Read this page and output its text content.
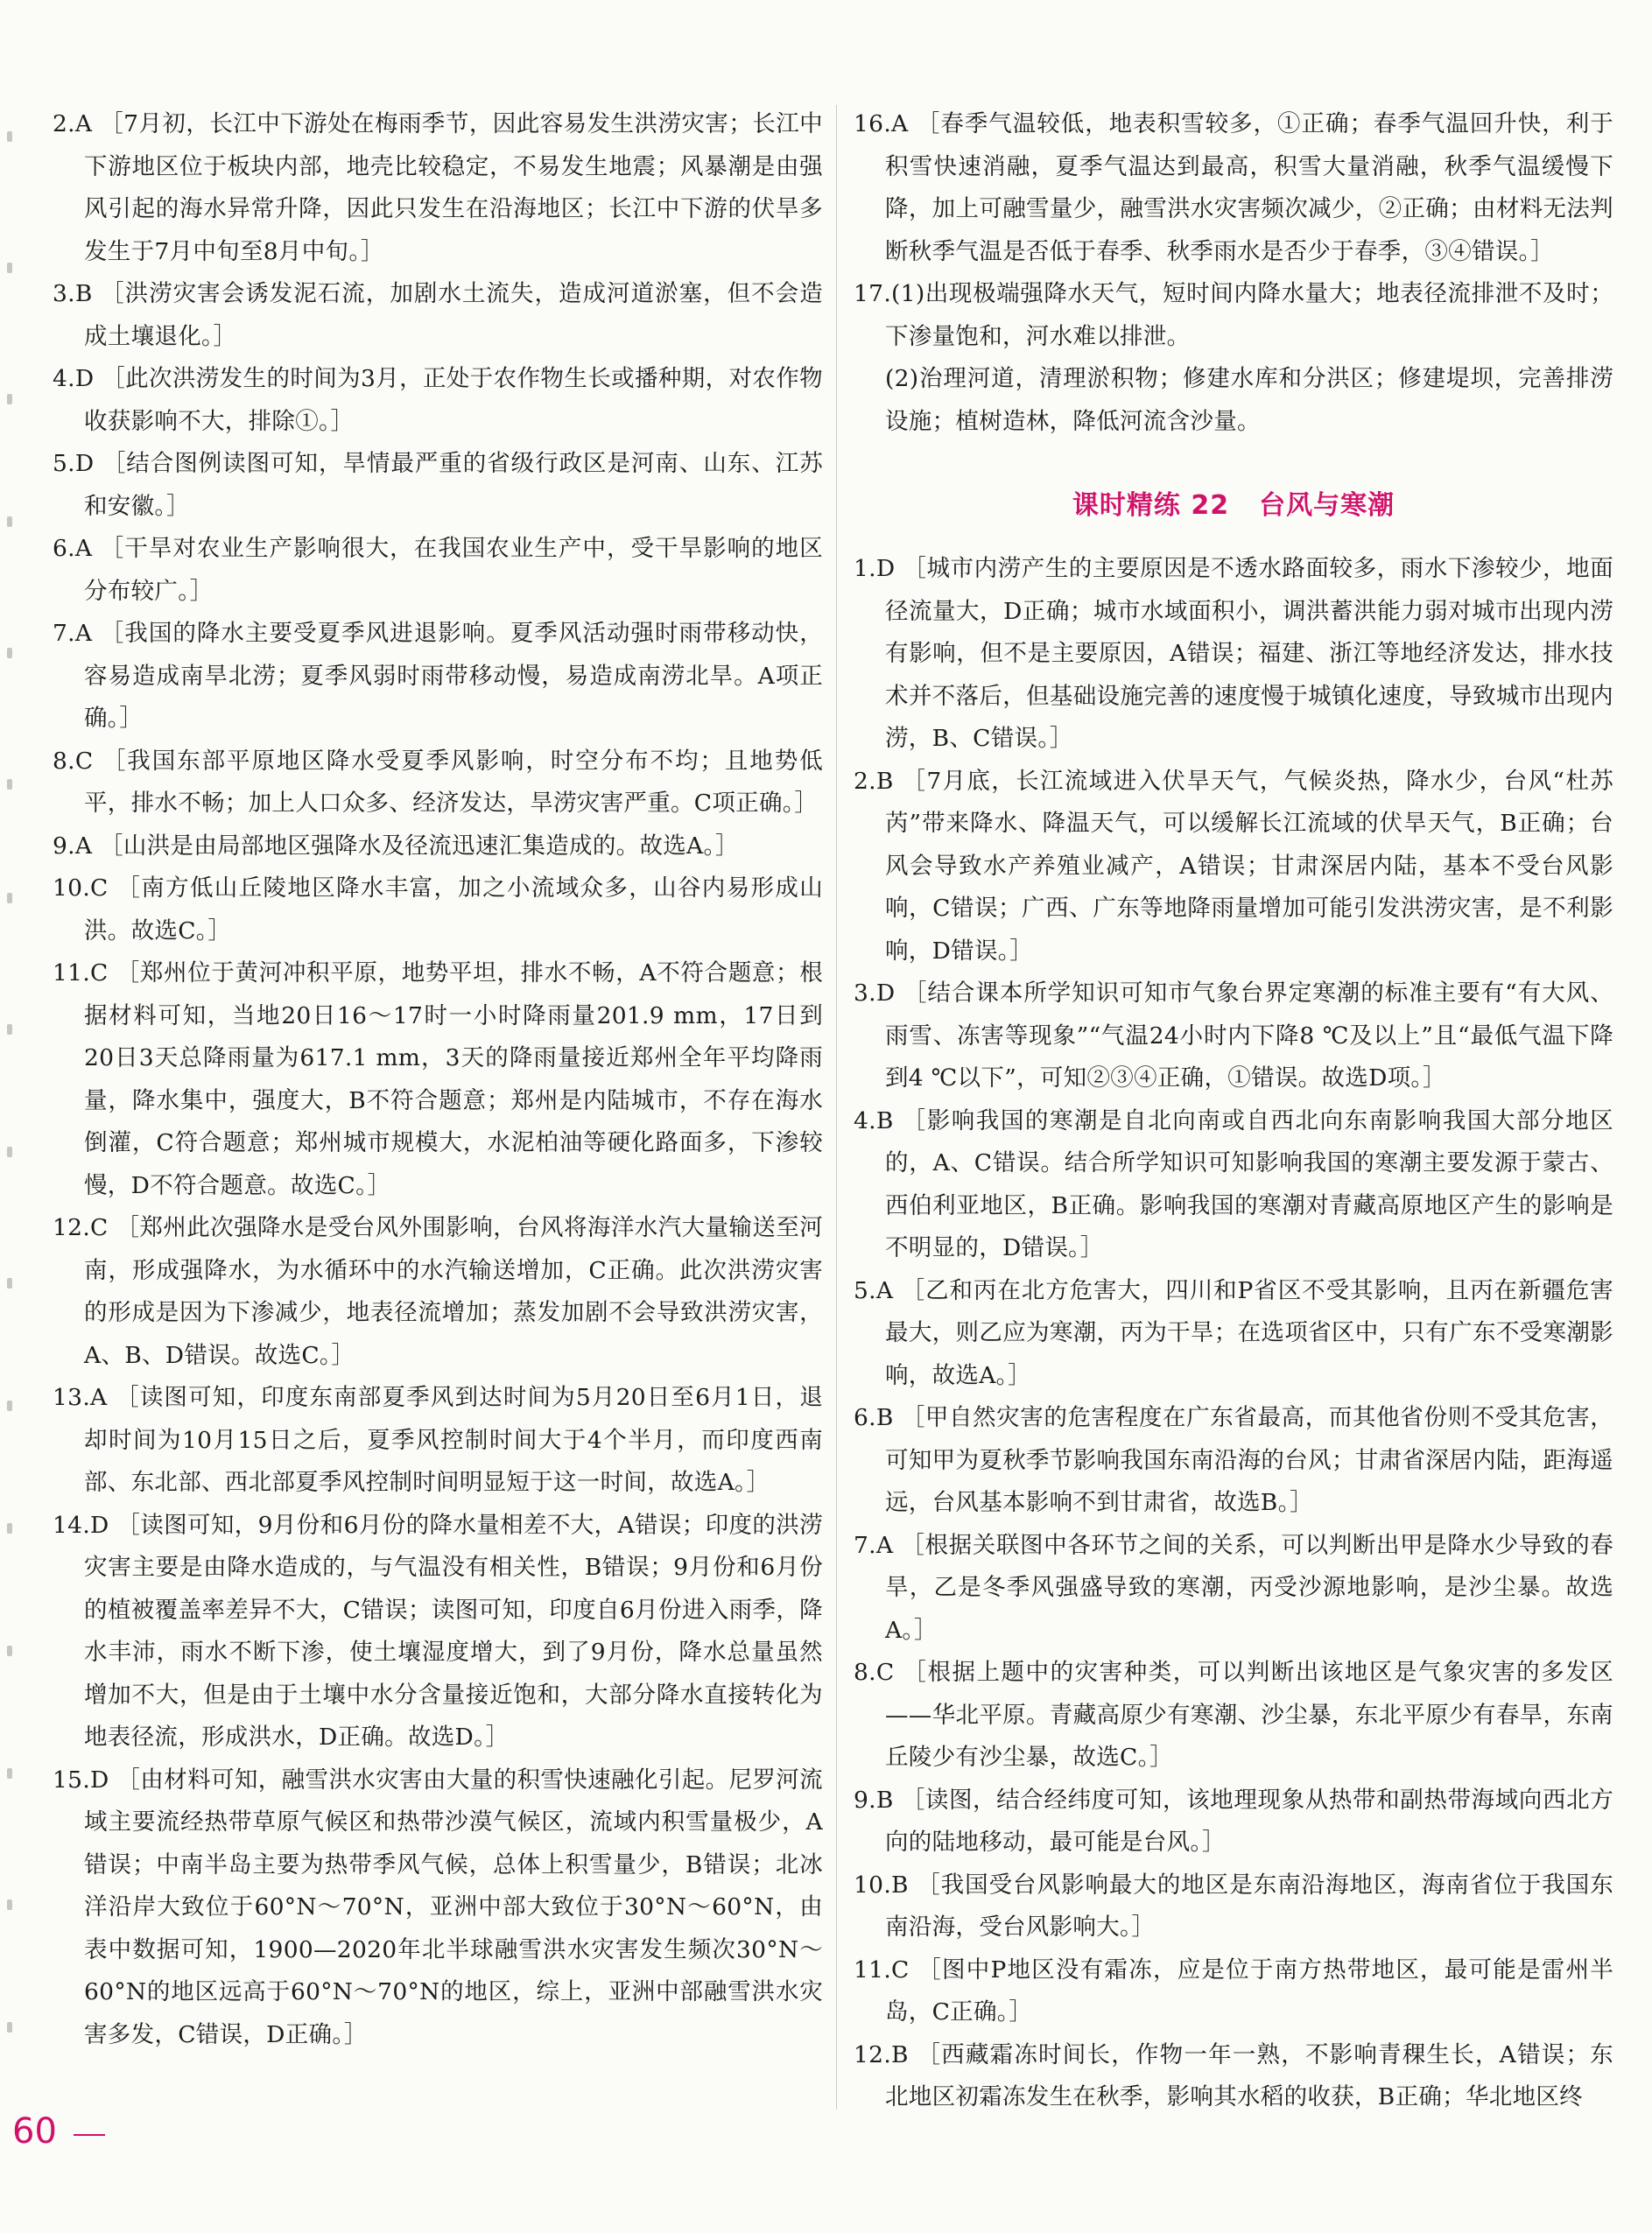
2.A ［7月初，长江中下游处在梅雨季节，因此容易发生洪涝灾害；长江中下游地区位于板块内部，地壳比较稳定，不易发生地震；风暴潮是由强风引起的海水异常升降，因此只发生在沿海地区；长江中下游的伏旱多发生于7月中旬至8月中旬。］

3.B ［洪涝灾害会诱发泥石流，加剧水土流失，造成河道淤塞，但不会造成土壤退化。］

4.D ［此次洪涝发生的时间为3月，正处于农作物生长或播种期，对农作物收获影响不大，排除①。］

5.D ［结合图例读图可知，旱情最严重的省级行政区是河南、山东、江苏和安徽。］

6.A ［干旱对农业生产影响很大，在我国农业生产中，受干旱影响的地区分布较广。］

7.A ［我国的降水主要受夏季风进退影响。夏季风活动强时雨带移动快，容易造成南旱北涝；夏季风弱时雨带移动慢，易造成南涝北旱。A项正确。］

8.C ［我国东部平原地区降水受夏季风影响，时空分布不均；且地势低平，排水不畅；加上人口众多、经济发达，旱涝灾害严重。C项正确。］

9.A ［山洪是由局部地区强降水及径流迅速汇集造成的。故选A。］

10.C ［南方低山丘陵地区降水丰富，加之小流域众多，山谷内易形成山洪。故选C。］

11.C ［郑州位于黄河冲积平原，地势平坦，排水不畅，A不符合题意；根据材料可知，当地20日16～17时一小时降雨量201.9 mm，17日到20日3天总降雨量为617.1 mm，3天的降雨量接近郑州全年平均降雨量，降水集中，强度大，B不符合题意；郑州是内陆城市，不存在海水倒灌，C符合题意；郑州城市规模大，水泥柏油等硬化路面多，下渗较慢，D不符合题意。故选C。］

12.C ［郑州此次强降水是受台风外围影响，台风将海洋水汽大量输送至河南，形成强降水，为水循环中的水汽输送增加，C正确。此次洪涝灾害的形成是因为下渗减少，地表径流增加；蒸发加剧不会导致洪涝灾害，A、B、D错误。故选C。］

13.A ［读图可知，印度东南部夏季风到达时间为5月20日至6月1日，退却时间为10月15日之后，夏季风控制时间大于4个半月，而印度西南部、东北部、西北部夏季风控制时间明显短于这一时间，故选A。］

14.D ［读图可知，9月份和6月份的降水量相差不大，A错误；印度的洪涝灾害主要是由降水造成的，与气温没有相关性，B错误；9月份和6月份的植被覆盖率差异不大，C错误；读图可知，印度自6月份进入雨季，降水丰沛，雨水不断下渗，使土壤湿度增大，到了9月份，降水总量虽然增加不大，但是由于土壤中水分含量接近饱和，大部分降水直接转化为地表径流，形成洪水，D正确。故选D。］

15.D ［由材料可知，融雪洪水灾害由大量的积雪快速融化引起。尼罗河流域主要流经热带草原气候区和热带沙漠气候区，流域内积雪量极少，A错误；中南半岛主要为热带季风气候，总体上积雪量少，B错误；北冰洋沿岸大致位于60°N～70°N，亚洲中部大致位于30°N～60°N，由表中数据可知，1900—2020年北半球融雪洪水灾害发生频次30°N～60°N的地区远高于60°N～70°N的地区，综上，亚洲中部融雪洪水灾害多发，C错误，D正确。］

16.A ［春季气温较低，地表积雪较多，①正确；春季气温回升快，利于积雪快速消融，夏季气温达到最高，积雪大量消融，秋季气温缓慢下降，加上可融雪量少，融雪洪水灾害频次减少，②正确；由材料无法判断秋季气温是否低于春季、秋季雨水是否少于春季，③④错误。］

17.(1)出现极端强降水天气，短时间内降水量大；地表径流排泄不及时；下渗量饱和，河水难以排泄。

(2)治理河道，清理淤积物；修建水库和分洪区；修建堤坝，完善排涝设施；植树造林，降低河流含沙量。

课时精练 22 台风与寒潮

1.D ［城市内涝产生的主要原因是不透水路面较多，雨水下渗较少，地面径流量大，D正确；城市水域面积小，调洪蓄洪能力弱对城市出现内涝有影响，但不是主要原因，A错误；福建、浙江等地经济发达，排水技术并不落后，但基础设施完善的速度慢于城镇化速度，导致城市出现内涝，B、C错误。］

2.B ［7月底，长江流域进入伏旱天气，气候炎热，降水少，台风“杜苏芮”带来降水、降温天气，可以缓解长江流域的伏旱天气，B正确；台风会导致水产养殖业减产，A错误；甘肃深居内陆，基本不受台风影响，C错误；广西、广东等地降雨量增加可能引发洪涝灾害，是不利影响，D错误。］

3.D ［结合课本所学知识可知市气象台界定寒潮的标准主要有“有大风、雨雪、冻害等现象”“气温24小时内下降8 ℃及以上”且“最低气温下降到4 ℃以下”，可知②③④正确，①错误。故选D项。］

4.B ［影响我国的寒潮是自北向南或自西北向东南影响我国大部分地区的，A、C错误。结合所学知识可知影响我国的寒潮主要发源于蒙古、西伯利亚地区，B正确。影响我国的寒潮对青藏高原地区产生的影响是不明显的，D错误。］

5.A ［乙和丙在北方危害大，四川和P省区不受其影响，且丙在新疆危害最大，则乙应为寒潮，丙为干旱；在选项省区中，只有广东不受寒潮影响，故选A。］

6.B ［甲自然灾害的危害程度在广东省最高，而其他省份则不受其危害，可知甲为夏秋季节影响我国东南沿海的台风；甘肃省深居内陆，距海遥远，台风基本影响不到甘肃省，故选B。］

7.A ［根据关联图中各环节之间的关系，可以判断出甲是降水少导致的春旱，乙是冬季风强盛导致的寒潮，丙受沙源地影响，是沙尘暴。故选A。］

8.C ［根据上题中的灾害种类，可以判断出该地区是气象灾害的多发区——华北平原。青藏高原少有寒潮、沙尘暴，东北平原少有春旱，东南丘陵少有沙尘暴，故选C。］

9.B ［读图，结合经纬度可知，该地理现象从热带和副热带海域向西北方向的陆地移动，最可能是台风。］

10.B ［我国受台风影响最大的地区是东南沿海地区，海南省位于我国东南沿海，受台风影响大。］

11.C ［图中P地区没有霜冻，应是位于南方热带地区，最可能是雷州半岛，C正确。］

12.B ［西藏霜冻时间长，作物一年一熟，不影响青稞生长，A错误；东北地区初霜冻发生在秋季，影响其水稻的收获，B正确；华北地区终

60
